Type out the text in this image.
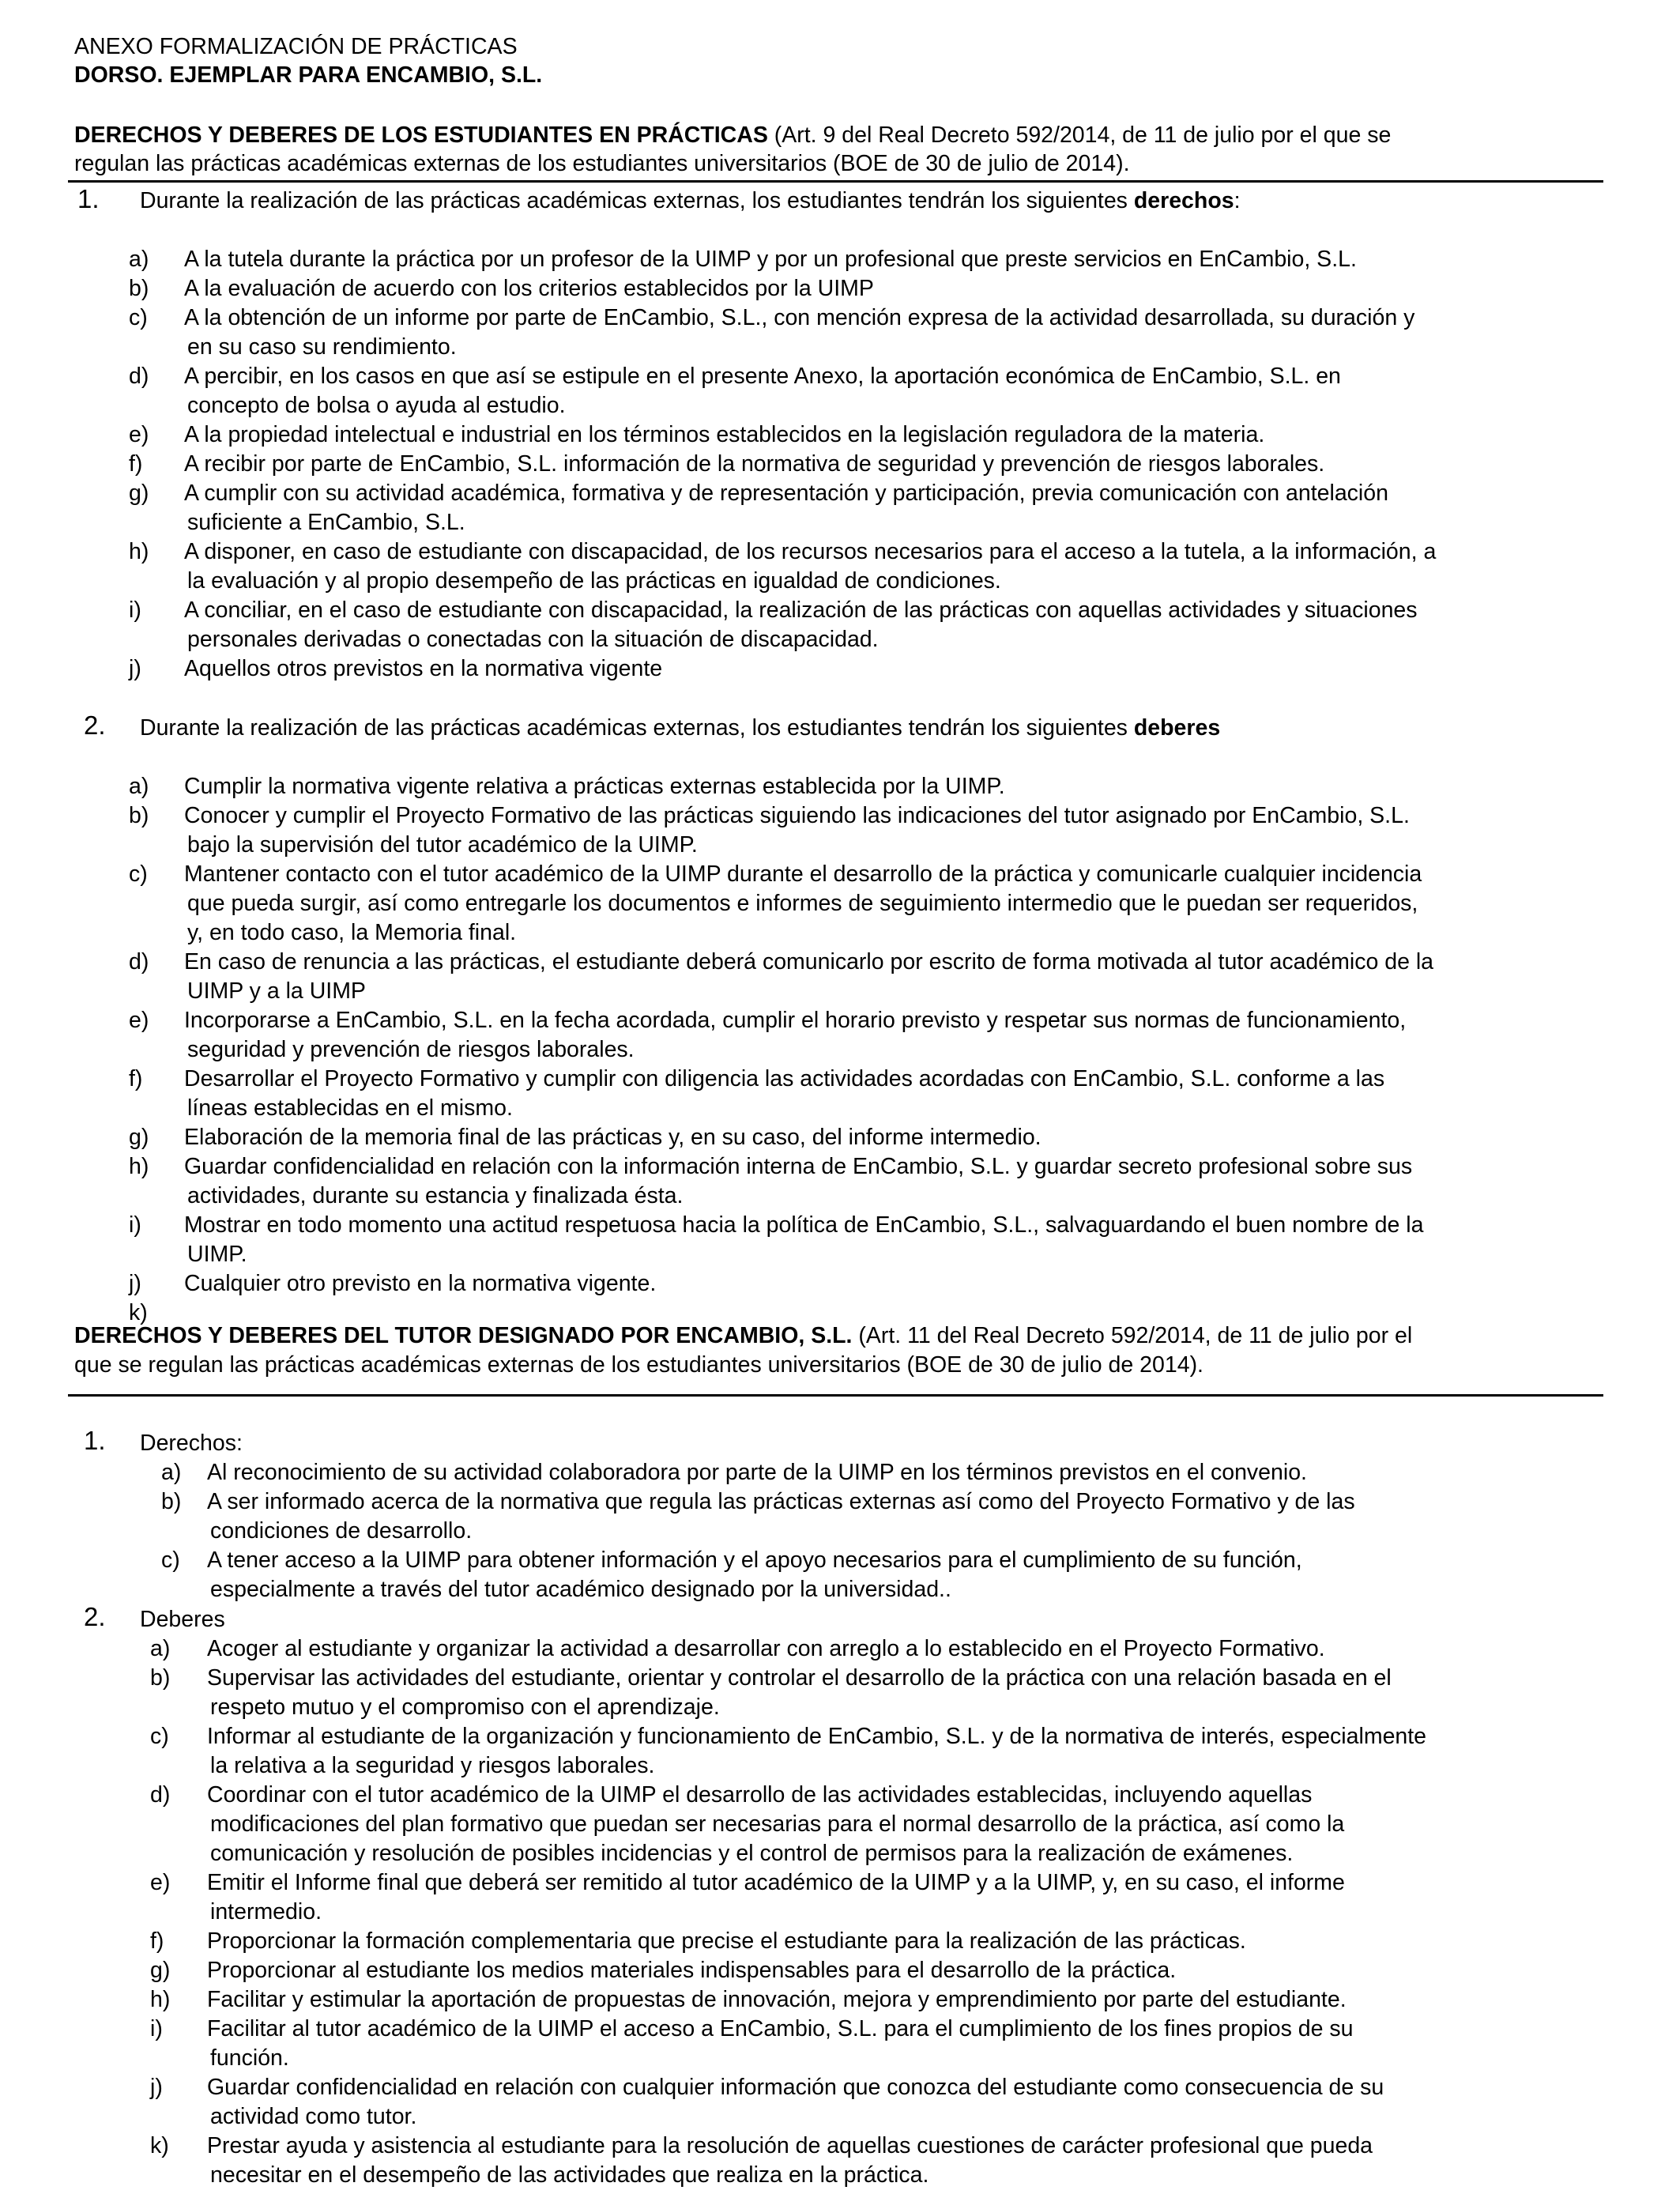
ANEXO FORMALIZACIÓN DE PRÁCTICAS
DORSO. EJEMPLAR PARA ENCAMBIO, S.L.
DERECHOS Y DEBERES DE LOS ESTUDIANTES EN PRÁCTICAS (Art. 9 del Real Decreto 592/2014, de 11 de julio por el que se
regulan las prácticas académicas externas de los estudiantes universitarios (BOE de 30 de julio de 2014).
1. Durante la realización de las prácticas académicas externas, los estudiantes tendrán los siguientes derechos:
a) A la tutela durante la práctica por un profesor de la UIMP y por un profesional que preste servicios en EnCambio, S.L.
b) A la evaluación de acuerdo con los criterios establecidos por la UIMP
c) A la obtención de un informe por parte de EnCambio, S.L., con mención expresa de la actividad desarrollada, su duración y
en su caso su rendimiento.
d) A percibir, en los casos en que así se estipule en el presente Anexo, la aportación económica de EnCambio, S.L. en
concepto de bolsa o ayuda al estudio.
e) A la propiedad intelectual e industrial en los términos establecidos en la legislación reguladora de la materia.
f) A recibir por parte de EnCambio, S.L. información de la normativa de seguridad y prevención de riesgos laborales.
g) A cumplir con su actividad académica, formativa y de representación y participación, previa comunicación con antelación
suficiente a EnCambio, S.L.
h) A disponer, en caso de estudiante con discapacidad, de los recursos necesarios para el acceso a la tutela, a la información, a
la evaluación y al propio desempeño de las prácticas en igualdad de condiciones.
i) A conciliar, en el caso de estudiante con discapacidad, la realización de las prácticas con aquellas actividades y situaciones
personales derivadas o conectadas con la situación de discapacidad.
j) Aquellos otros previstos en la normativa vigente
2. Durante la realización de las prácticas académicas externas, los estudiantes tendrán los siguientes deberes
a) Cumplir la normativa vigente relativa a prácticas externas establecida por la UIMP.
b) Conocer y cumplir el Proyecto Formativo de las prácticas siguiendo las indicaciones del tutor asignado por EnCambio, S.L.
bajo la supervisión del tutor académico de la UIMP.
c) Mantener contacto con el tutor académico de la UIMP durante el desarrollo de la práctica y comunicarle cualquier incidencia
que pueda surgir, así como entregarle los documentos e informes de seguimiento intermedio que le puedan ser requeridos,
y, en todo caso, la Memoria final.
d) En caso de renuncia a las prácticas, el estudiante deberá comunicarlo por escrito de forma motivada al tutor académico de la
UIMP y a la UIMP
e) Incorporarse a EnCambio, S.L. en la fecha acordada, cumplir el horario previsto y respetar sus normas de funcionamiento,
seguridad y prevención de riesgos laborales.
f) Desarrollar el Proyecto Formativo y cumplir con diligencia las actividades acordadas con EnCambio, S.L. conforme a las
líneas establecidas en el mismo.
g) Elaboración de la memoria final de las prácticas y, en su caso, del informe intermedio.
h) Guardar confidencialidad en relación con la información interna de EnCambio, S.L. y guardar secreto profesional sobre sus
actividades, durante su estancia y finalizada ésta.
i) Mostrar en todo momento una actitud respetuosa hacia la política de EnCambio, S.L., salvaguardando el buen nombre de la
UIMP.
j) Cualquier otro previsto en la normativa vigente.
k)
DERECHOS Y DEBERES DEL TUTOR DESIGNADO POR ENCAMBIO, S.L. (Art. 11 del Real Decreto 592/2014, de 11 de julio por el
que se regulan las prácticas académicas externas de los estudiantes universitarios (BOE de 30 de julio de 2014).
1. Derechos:
a) Al reconocimiento de su actividad colaboradora por parte de la UIMP en los términos previstos en el convenio.
b) A ser informado acerca de la normativa que regula las prácticas externas así como del Proyecto Formativo y de las
condiciones de desarrollo.
c) A tener acceso a la UIMP para obtener información y el apoyo necesarios para el cumplimiento de su función,
especialmente a través del tutor académico designado por la universidad..
2. Deberes
a) Acoger al estudiante y organizar la actividad a desarrollar con arreglo a lo establecido en el Proyecto Formativo.
b) Supervisar las actividades del estudiante, orientar y controlar el desarrollo de la práctica con una relación basada en el
respeto mutuo y el compromiso con el aprendizaje.
c) Informar al estudiante de la organización y funcionamiento de EnCambio, S.L. y de la normativa de interés, especialmente
la relativa a la seguridad y riesgos laborales.
d) Coordinar con el tutor académico de la UIMP el desarrollo de las actividades establecidas, incluyendo aquellas
modificaciones del plan formativo que puedan ser necesarias para el normal desarrollo de la práctica, así como la
comunicación y resolución de posibles incidencias y el control de permisos para la realización de exámenes.
e) Emitir el Informe final que deberá ser remitido al tutor académico de la UIMP y a la UIMP, y, en su caso, el informe
intermedio.
f) Proporcionar la formación complementaria que precise el estudiante para la realización de las prácticas.
g) Proporcionar al estudiante los medios materiales indispensables para el desarrollo de la práctica.
h) Facilitar y estimular la aportación de propuestas de innovación, mejora y emprendimiento por parte del estudiante.
i) Facilitar al tutor académico de la UIMP el acceso a EnCambio, S.L. para el cumplimiento de los fines propios de su
función.
j) Guardar confidencialidad en relación con cualquier información que conozca del estudiante como consecuencia de su
actividad como tutor.
k) Prestar ayuda y asistencia al estudiante para la resolución de aquellas cuestiones de carácter profesional que pueda
necesitar en el desempeño de las actividades que realiza en la práctica.
